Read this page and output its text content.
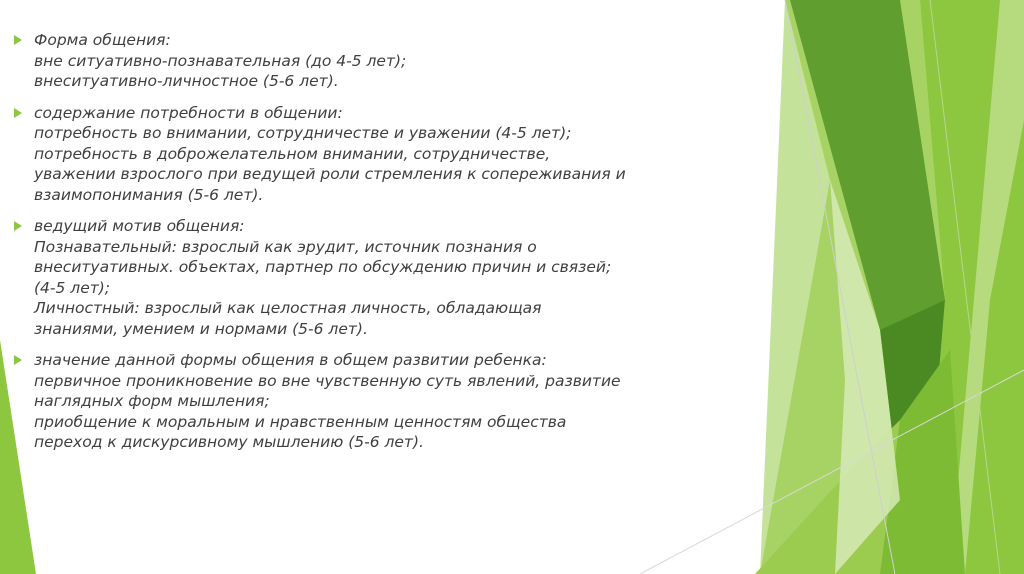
Форма общения:
вне ситуативно-познавательная (до 4-5 лет);
внеситуативно-личностное (5-6 лет).
содержание потребности в общении:
потребность во внимании, сотрудничестве и уважении (4-5 лет);
потребность в доброжелательном внимании, сотрудничестве,
уважении взрослого при ведущей роли стремления к сопереживания и
взаимопонимания (5-6 лет).
ведущий мотив общения:
Познавательный: взрослый как эрудит, источник познания о
внеситуативных. объектах, партнер по обсуждению причин и связей;
(4-5 лет);
Личностный: взрослый как целостная личность, обладающая
знаниями, умением и нормами (5-6 лет).
значение данной формы общения в общем развитии ребенка:
первичное проникновение во вне чувственную суть явлений, развитие
наглядных форм мышления;
приобщение к моральным и нравственным ценностям общества
переход к дискурсивному мышлению (5-6 лет).
